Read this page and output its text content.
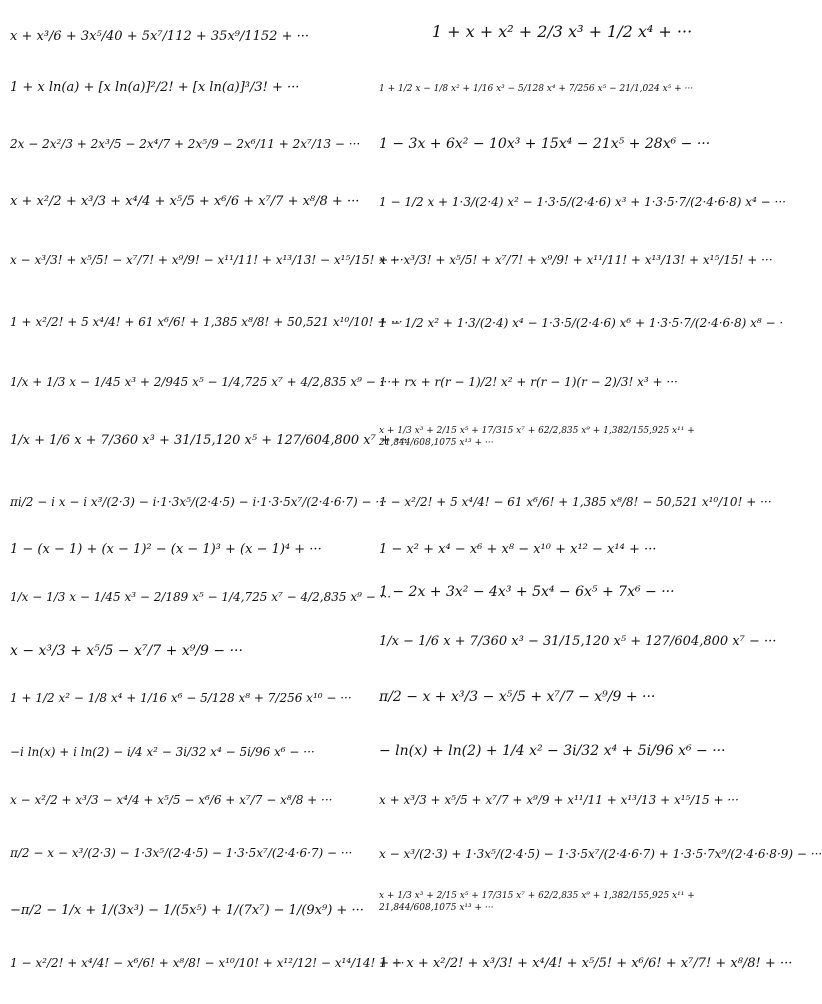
x + x³/6 + 3x⁵/40 + 5x⁷/112 + 35x⁹/1152 + ···
1 + x ln(a) + [x ln(a)]²/2! + [x ln(a)]³/3! + ···
2x − 2x²/3 + 2x³/5 − 2x⁴/7 + 2x⁵/9 − 2x⁶/11 + 2x⁷/13 − ···
x + x²/2 + x³/3 + x⁴/4 + x⁵/5 + x⁶/6 + x⁷/7 + x⁸/8 + ···
x − x³/3! + x⁵/5! − x⁷/7! + x⁹/9! − x¹¹/11! + x¹³/13! − x¹⁵/15! + ···
1 + x²/2! + 5 x⁴/4! + 61 x⁶/6! + 1,385 x⁸/8! + 50,521 x¹⁰/10! + ···
1/x + 1/3 x − 1/45 x³ + 2/945 x⁵ − 1/4,725 x⁷ + 4/2,835 x⁹ − ···
1/x + 1/6 x + 7/360 x³ + 31/15,120 x⁵ + 127/604,800 x⁷ + ···
πi/2 − i x − i x³/(2·3) − i·1·3x⁵/(2·4·5) − i·1·3·5x⁷/(2·4·6·7) − ···
1 − (x − 1) + (x − 1)² − (x − 1)³ + (x − 1)⁴ + ···
1/x − 1/3 x − 1/45 x³ − 2/189 x⁵ − 1/4,725 x⁷ − 4/2,835 x⁹ − ···
x − x³/3 + x⁵/5 − x⁷/7 + x⁹/9 − ···
1 + 1/2 x² − 1/8 x⁴ + 1/16 x⁶ − 5/128 x⁸ + 7/256 x¹⁰ − ···
−i ln(x) + i ln(2) − i/4 x² − 3i/32 x⁴ − 5i/96 x⁶ − ···
x − x²/2 + x³/3 − x⁴/4 + x⁵/5 − x⁶/6 + x⁷/7 − x⁸/8 + ···
π/2 − x − x³/(2·3) − 1·3x⁵/(2·4·5) − 1·3·5x⁷/(2·4·6·7) − ···
−π/2 − 1/x + 1/(3x³) − 1/(5x⁵) + 1/(7x⁷) − 1/(9x⁹) + ···
1 − x²/2! + x⁴/4! − x⁶/6! + x⁸/8! − x¹⁰/10! + x¹²/12! − x¹⁴/14! + ···
1 + x + x² + 2/3 x³ + 1/2 x⁴ + ···
1 + 1/2 x − 1/8 x² + 1/16 x³ − 5/128 x⁴ + 7/256 x⁵ − 21/1,024 x⁵ + ···
1 − 3x + 6x² − 10x³ + 15x⁴ − 21x⁵ + 28x⁶ − ···
1 − 1/2 x + 1·3/(2·4) x² − 1·3·5/(2·4·6) x³ + 1·3·5·7/(2·4·6·8) x⁴ − ···
x + x³/3! + x⁵/5! + x⁷/7! + x⁹/9! + x¹¹/11! + x¹³/13! + x¹⁵/15! + ···
1 − 1/2 x² + 1·3/(2·4) x⁴ − 1·3·5/(2·4·6) x⁶ + 1·3·5·7/(2·4·6·8) x⁸ − ·
1 + rx + r(r − 1)/2! x² + r(r − 1)(r − 2)/3! x³ + ···
x + 1/3 x³ + 2/15 x⁵ + 17/315 x⁷ + 62/2,835 x⁹ + 1,382/155,925 x¹¹ + 21,844/608,1075 x¹³ + ···
1 − x²/2! + 5 x⁴/4! − 61 x⁶/6! + 1,385 x⁸/8! − 50,521 x¹⁰/10! + ···
1 − x² + x⁴ − x⁶ + x⁸ − x¹⁰ + x¹² − x¹⁴ + ···
1 − 2x + 3x² − 4x³ + 5x⁴ − 6x⁵ + 7x⁶ − ···
1/x − 1/6 x + 7/360 x³ − 31/15,120 x⁵ + 127/604,800 x⁷ − ···
π/2 − x + x³/3 − x⁵/5 + x⁷/7 − x⁹/9 + ···
− ln(x) + ln(2) + 1/4 x² − 3i/32 x⁴ + 5i/96 x⁶ − ···
x + x³/3 + x⁵/5 + x⁷/7 + x⁹/9 + x¹¹/11 + x¹³/13 + x¹⁵/15 + ···
x − x³/(2·3) + 1·3x⁵/(2·4·5) − 1·3·5x⁷/(2·4·6·7) + 1·3·5·7x⁹/(2·4·6·8·9) − ···
x + 1/3 x³ + 2/15 x⁵ + 17/315 x⁷ + 62/2,835 x⁹ + 1,382/155,925 x¹¹ + 21,844/608,1075 x¹³ + ···
1 + x + x²/2! + x³/3! + x⁴/4! + x⁵/5! + x⁶/6! + x⁷/7! + x⁸/8! + ···
